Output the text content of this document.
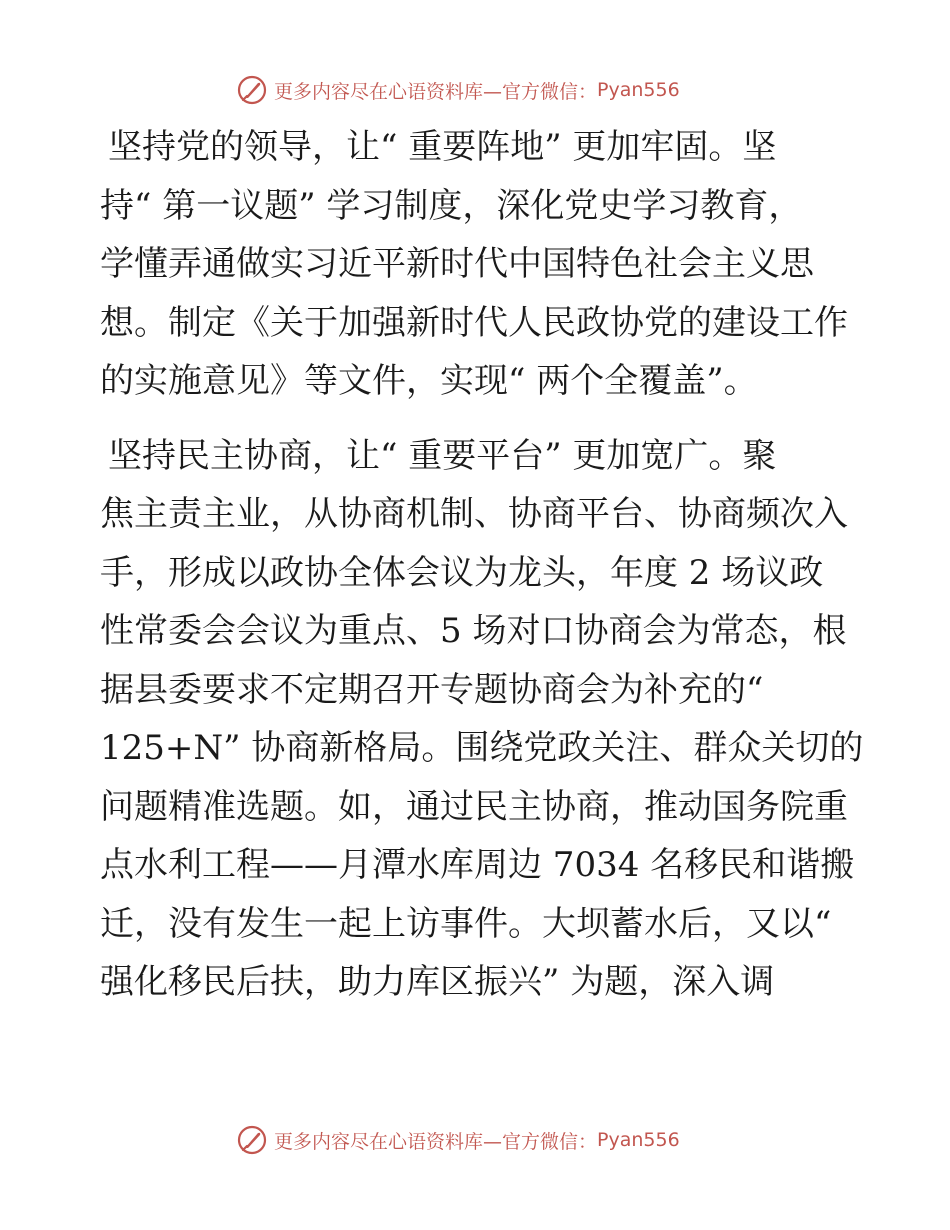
更多内容尽在心语资料库—官方微信： Pyan556

坚持党的领导，让“ 重要阵地” 更加牢固。坚
持“ 第一议题” 学习制度，深化党史学习教育，
学懂弄通做实习近平新时代中国特色社会主义思
想。制定《关于加强新时代人民政协党的建设工作
的实施意见》等文件，实现“ 两个全覆盖”。

坚持民主协商，让“ 重要平台” 更加宽广。聚
焦主责主业，从协商机制、协商平台、协商频次入
手，形成以政协全体会议为龙头，年度 2 场议政
性常委会会议为重点、5 场对口协商会为常态，根
据县委要求不定期召开专题协商会为补充的“
125+N” 协商新格局。围绕党政关注、群众关切的
问题精准选题。如，通过民主协商，推动国务院重
点水利工程——月潭水库周边 7034 名移民和谐搬
迁，没有发生一起上访事件。大坝蓄水后，又以“
强化移民后扶，助力库区振兴” 为题，深入调

更多内容尽在心语资料库—官方微信： Pyan556
